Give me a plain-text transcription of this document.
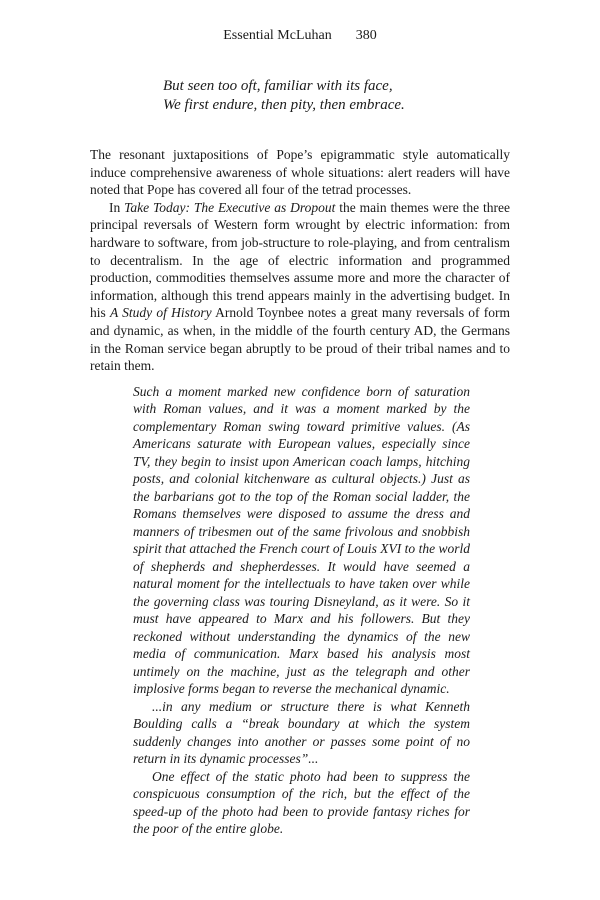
Essential McLuhan 380
But seen too oft, familiar with its face,
We first endure, then pity, then embrace.

The resonant juxtapositions of Pope’s epigrammatic style automatically induce comprehensive awareness of whole situations: alert readers will have noted that Pope has covered all four of the tetrad processes.

In Take Today: The Executive as Dropout the main themes were the three principal reversals of Western form wrought by electric information: from hardware to software, from job-structure to role-playing, and from centralism to decentralism. In the age of electric information and programmed production, commodities themselves assume more and more the character of information, although this trend appears mainly in the advertising budget. In his A Study of History Arnold Toynbee notes a great many reversals of form and dynamic, as when, in the middle of the fourth century AD, the Germans in the Roman service began abruptly to be proud of their tribal names and to retain them.

Such a moment marked new confidence born of saturation with Roman values, and it was a moment marked by the complementary Roman swing toward primitive values. (As Americans saturate with European values, especially since TV, they begin to insist upon American coach lamps, hitching posts, and colonial kitchenware as cultural objects.) Just as the barbarians got to the top of the Roman social ladder, the Romans themselves were disposed to assume the dress and manners of tribesmen out of the same frivolous and snobbish spirit that attached the French court of Louis XVI to the world of shepherds and shepherdesses. It would have seemed a natural moment for the intellectuals to have taken over while the governing class was touring Disneyland, as it were. So it must have appeared to Marx and his followers. But they reckoned without understanding the dynamics of the new media of communication. Marx based his analysis most untimely on the machine, just as the telegraph and other implosive forms began to reverse the mechanical dynamic.

...in any medium or structure there is what Kenneth Boulding calls a “break boundary at which the system suddenly changes into another or passes some point of no return in its dynamic processes”...

One effect of the static photo had been to suppress the conspicuous consumption of the rich, but the effect of the speed-up of the photo had been to provide fantasy riches for the poor of the entire globe.
